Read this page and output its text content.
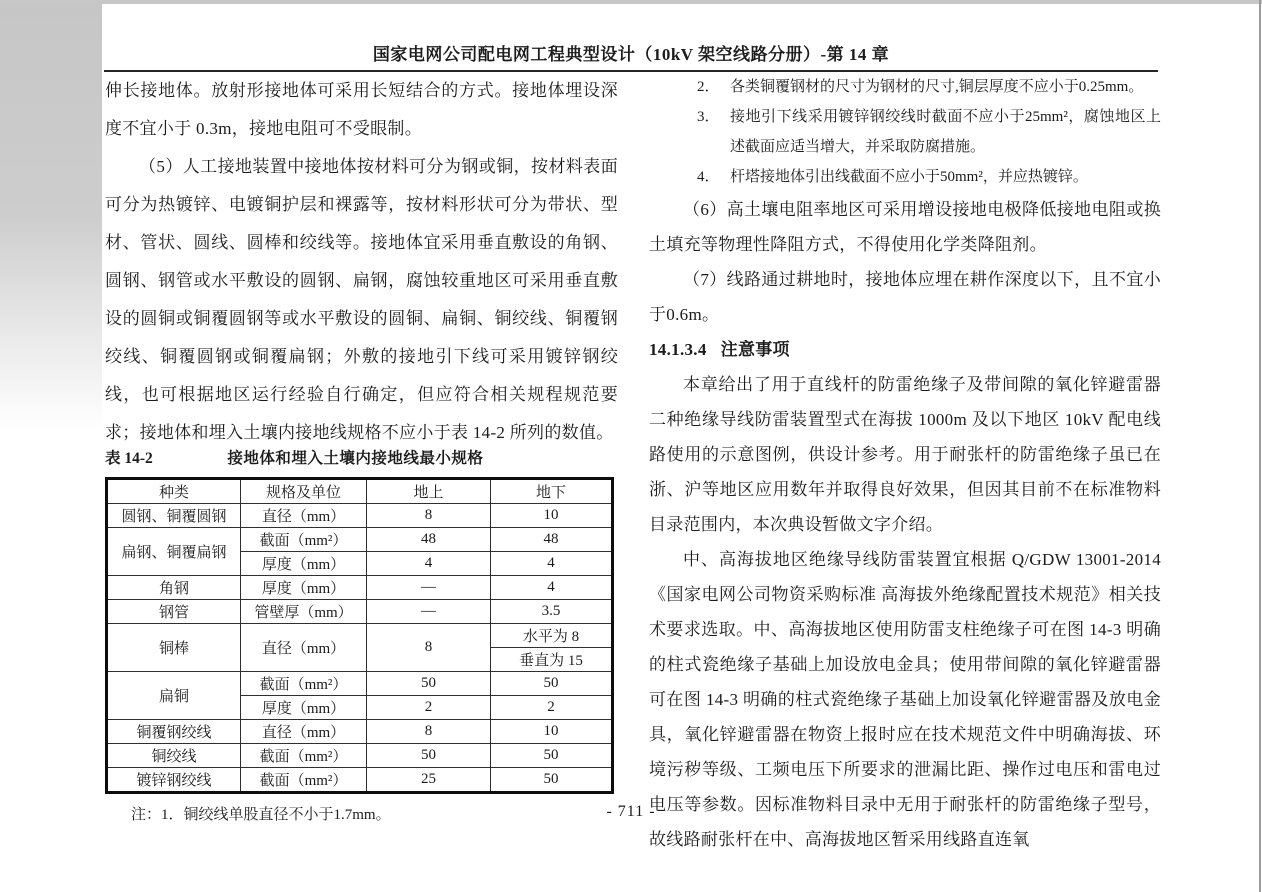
国家电网公司配电网工程典型设计（10kV 架空线路分册）-第 14 章

伸长接地体。放射形接地体可采用长短结合的方式。接地体埋设深度不宜小于 0.3m，接地电阻可不受眼制。

（5）人工接地装置中接地体按材料可分为钢或铜，按材料表面可分为热镀锌、电镀铜护层和裸露等，按材料形状可分为带状、型材、管状、圆线、圆棒和绞线等。接地体宜采用垂直敷设的角钢、圆钢、钢管或水平敷设的圆钢、扁钢，腐蚀较重地区可采用垂直敷设的圆铜或铜覆圆钢等或水平敷设的圆铜、扁铜、铜绞线、铜覆钢绞线、铜覆圆钢或铜覆扁钢；外敷的接地引下线可采用镀锌钢绞线，也可根据地区运行经验自行确定，但应符合相关规程规范要求；接地体和埋入土壤内接地线规格不应小于表 14-2 所列的数值。

表 14-2	接地体和埋入土壤内接地线最小规格
种类	规格及单位	地上	地下
圆钢、铜覆圆钢	直径（mm）	8	10
扁钢、铜覆扁钢	截面（mm²）	48	48
	厚度（mm）	4	4
角钢	厚度（mm）	—	4
钢管	管壁厚（mm）	—	3.5
铜棒	直径（mm）	8	水平为 8
			垂直为 15
扁铜	截面（mm²）	50	50
	厚度（mm）	2	2
铜覆钢绞线	直径（mm）	8	10
铜绞线	截面（mm²）	50	50
镀锌钢绞线	截面（mm²）	25	50
注：1．铜绞线单股直径不小于1.7mm。
2． 各类铜覆钢材的尺寸为钢材的尺寸,铜层厚度不应小于0.25mm。
3． 接地引下线采用镀锌钢绞线时截面不应小于25mm²，腐蚀地区上述截面应适当增大，并采取防腐措施。
4． 杆塔接地体引出线截面不应小于50mm²，并应热镀锌。

（6）高土壤电阻率地区可采用增设接地电极降低接地电阻或换土填充等物理性降阻方式，不得使用化学类降阻剂。

（7）线路通过耕地时，接地体应埋在耕作深度以下，且不宜小于0.6m。

14.1.3.4 注意事项

本章给出了用于直线杆的防雷绝缘子及带间隙的氧化锌避雷器二种绝缘导线防雷装置型式在海拔 1000m 及以下地区 10kV 配电线路使用的示意图例，供设计参考。用于耐张杆的防雷绝缘子虽已在浙、沪等地区应用数年并取得良好效果，但因其目前不在标准物料目录范围内，本次典设暂做文字介绍。

中、高海拔地区绝缘导线防雷装置宜根据 Q/GDW 13001-2014《国家电网公司物资采购标准 高海拔外绝缘配置技术规范》相关技术要求选取。中、高海拔地区使用防雷支柱绝缘子可在图 14-3 明确的柱式瓷绝缘子基础上加设放电金具；使用带间隙的氧化锌避雷器可在图 14-3 明确的柱式瓷绝缘子基础上加设氧化锌避雷器及放电金具，氧化锌避雷器在物资上报时应在技术规范文件中明确海拔、环境污秽等级、工频电压下所要求的泄漏比距、操作过电压和雷电过电压等参数。因标准物料目录中无用于耐张杆的防雷绝缘子型号，故线路耐张杆在中、高海拔地区暂采用线路直连氧

- 711 -
